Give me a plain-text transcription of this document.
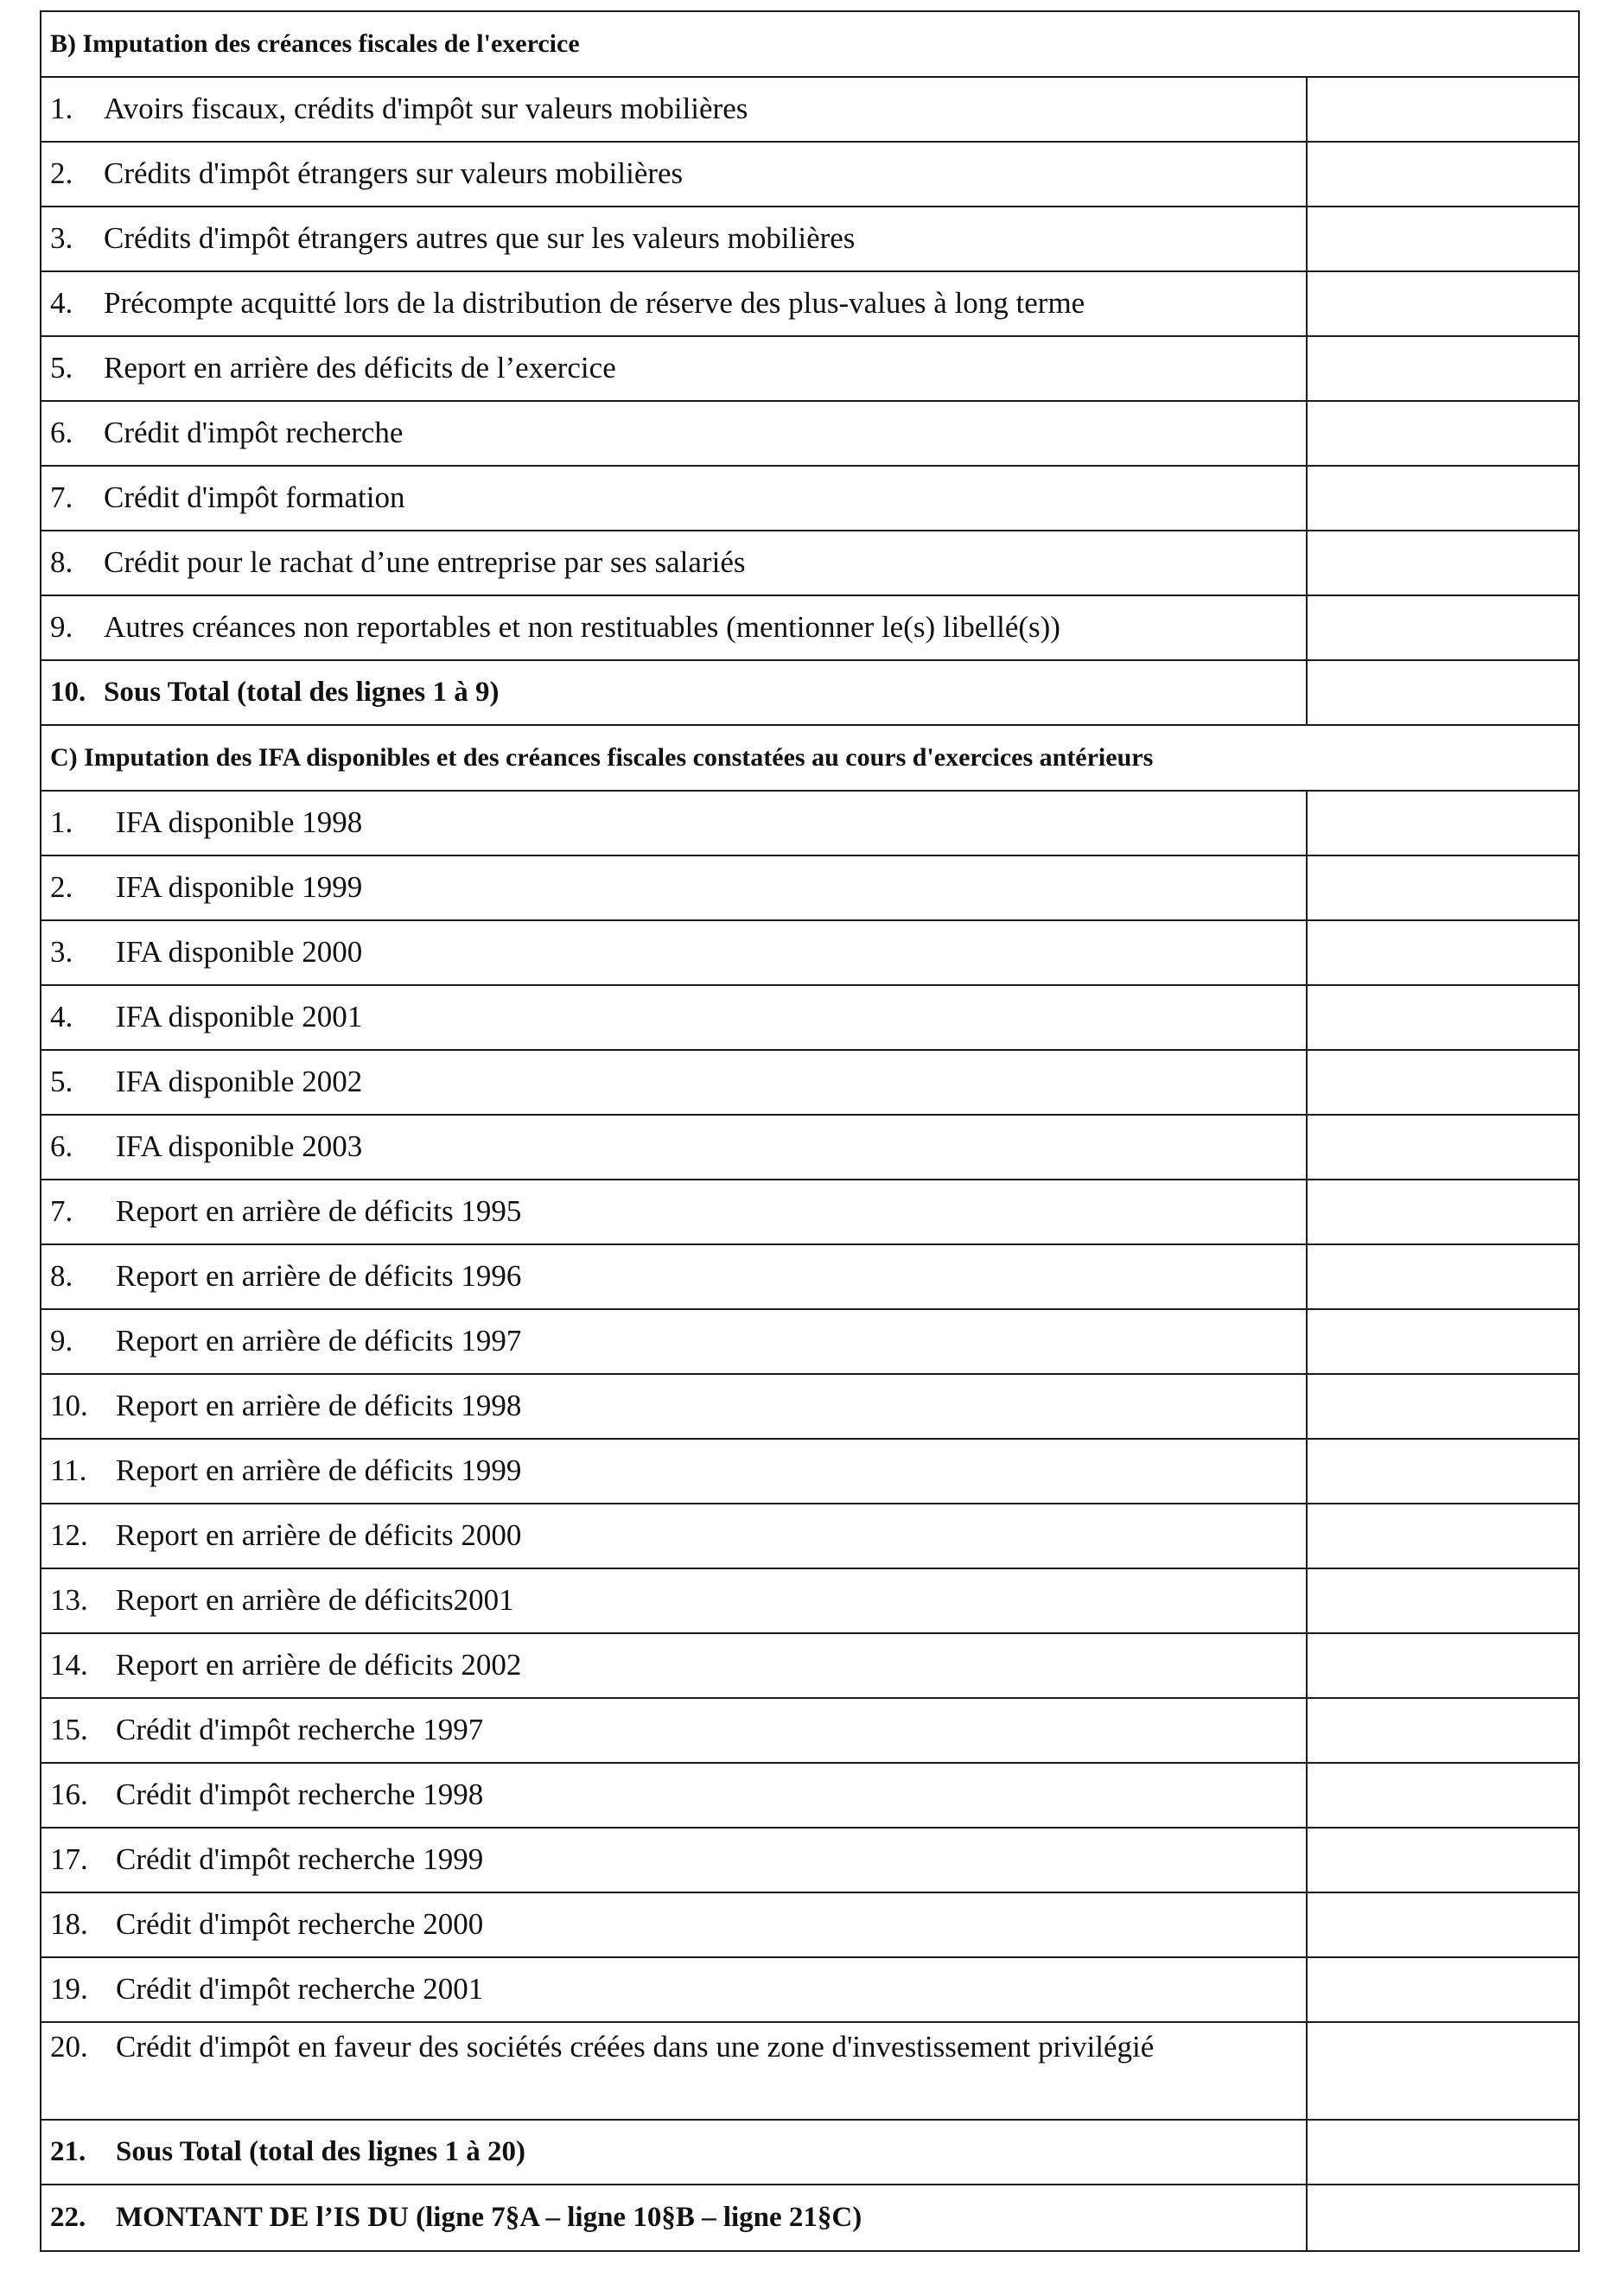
B) Imputation des créances fiscales de l'exercice
1.	Avoirs fiscaux, crédits d'impôt sur valeurs mobilières
2.	Crédits d'impôt étrangers sur valeurs mobilières
3.	Crédits d'impôt étrangers autres que sur les valeurs mobilières
4.	Précompte acquitté lors de la distribution de réserve des plus-values à long terme
5.	Report en arrière des déficits de l’exercice
6.	Crédit d'impôt recherche
7.	Crédit d'impôt formation
8.	Crédit pour le rachat d’une entreprise par ses salariés
9.	Autres créances non reportables et non restituables (mentionner le(s) libellé(s))
10. Sous Total (total des lignes 1 à 9)
C) Imputation des IFA disponibles et des créances fiscales constatées au cours d'exercices antérieurs
1.	IFA disponible 1998
2.	IFA disponible 1999
3.	IFA disponible 2000
4.	IFA disponible 2001
5.	IFA disponible 2002
6.	IFA disponible 2003
7.	Report en arrière de déficits 1995
8.	Report en arrière de déficits 1996
9.	Report en arrière de déficits 1997
10. Report en arrière de déficits 1998
11. Report en arrière de déficits 1999
12. Report en arrière de déficits 2000
13. Report en arrière de déficits2001
14. Report en arrière de déficits 2002
15. Crédit d'impôt recherche 1997
16. Crédit d'impôt recherche 1998
17. Crédit d'impôt recherche 1999
18. Crédit d'impôt recherche 2000
19. Crédit d'impôt recherche 2001
20. Crédit d'impôt en faveur des sociétés créées dans une zone d'investissement privilégié
21.	Sous Total (total des lignes 1 à 20)
22.	MONTANT DE l’IS DU (ligne 7§A – ligne 10§B – ligne 21§C)
